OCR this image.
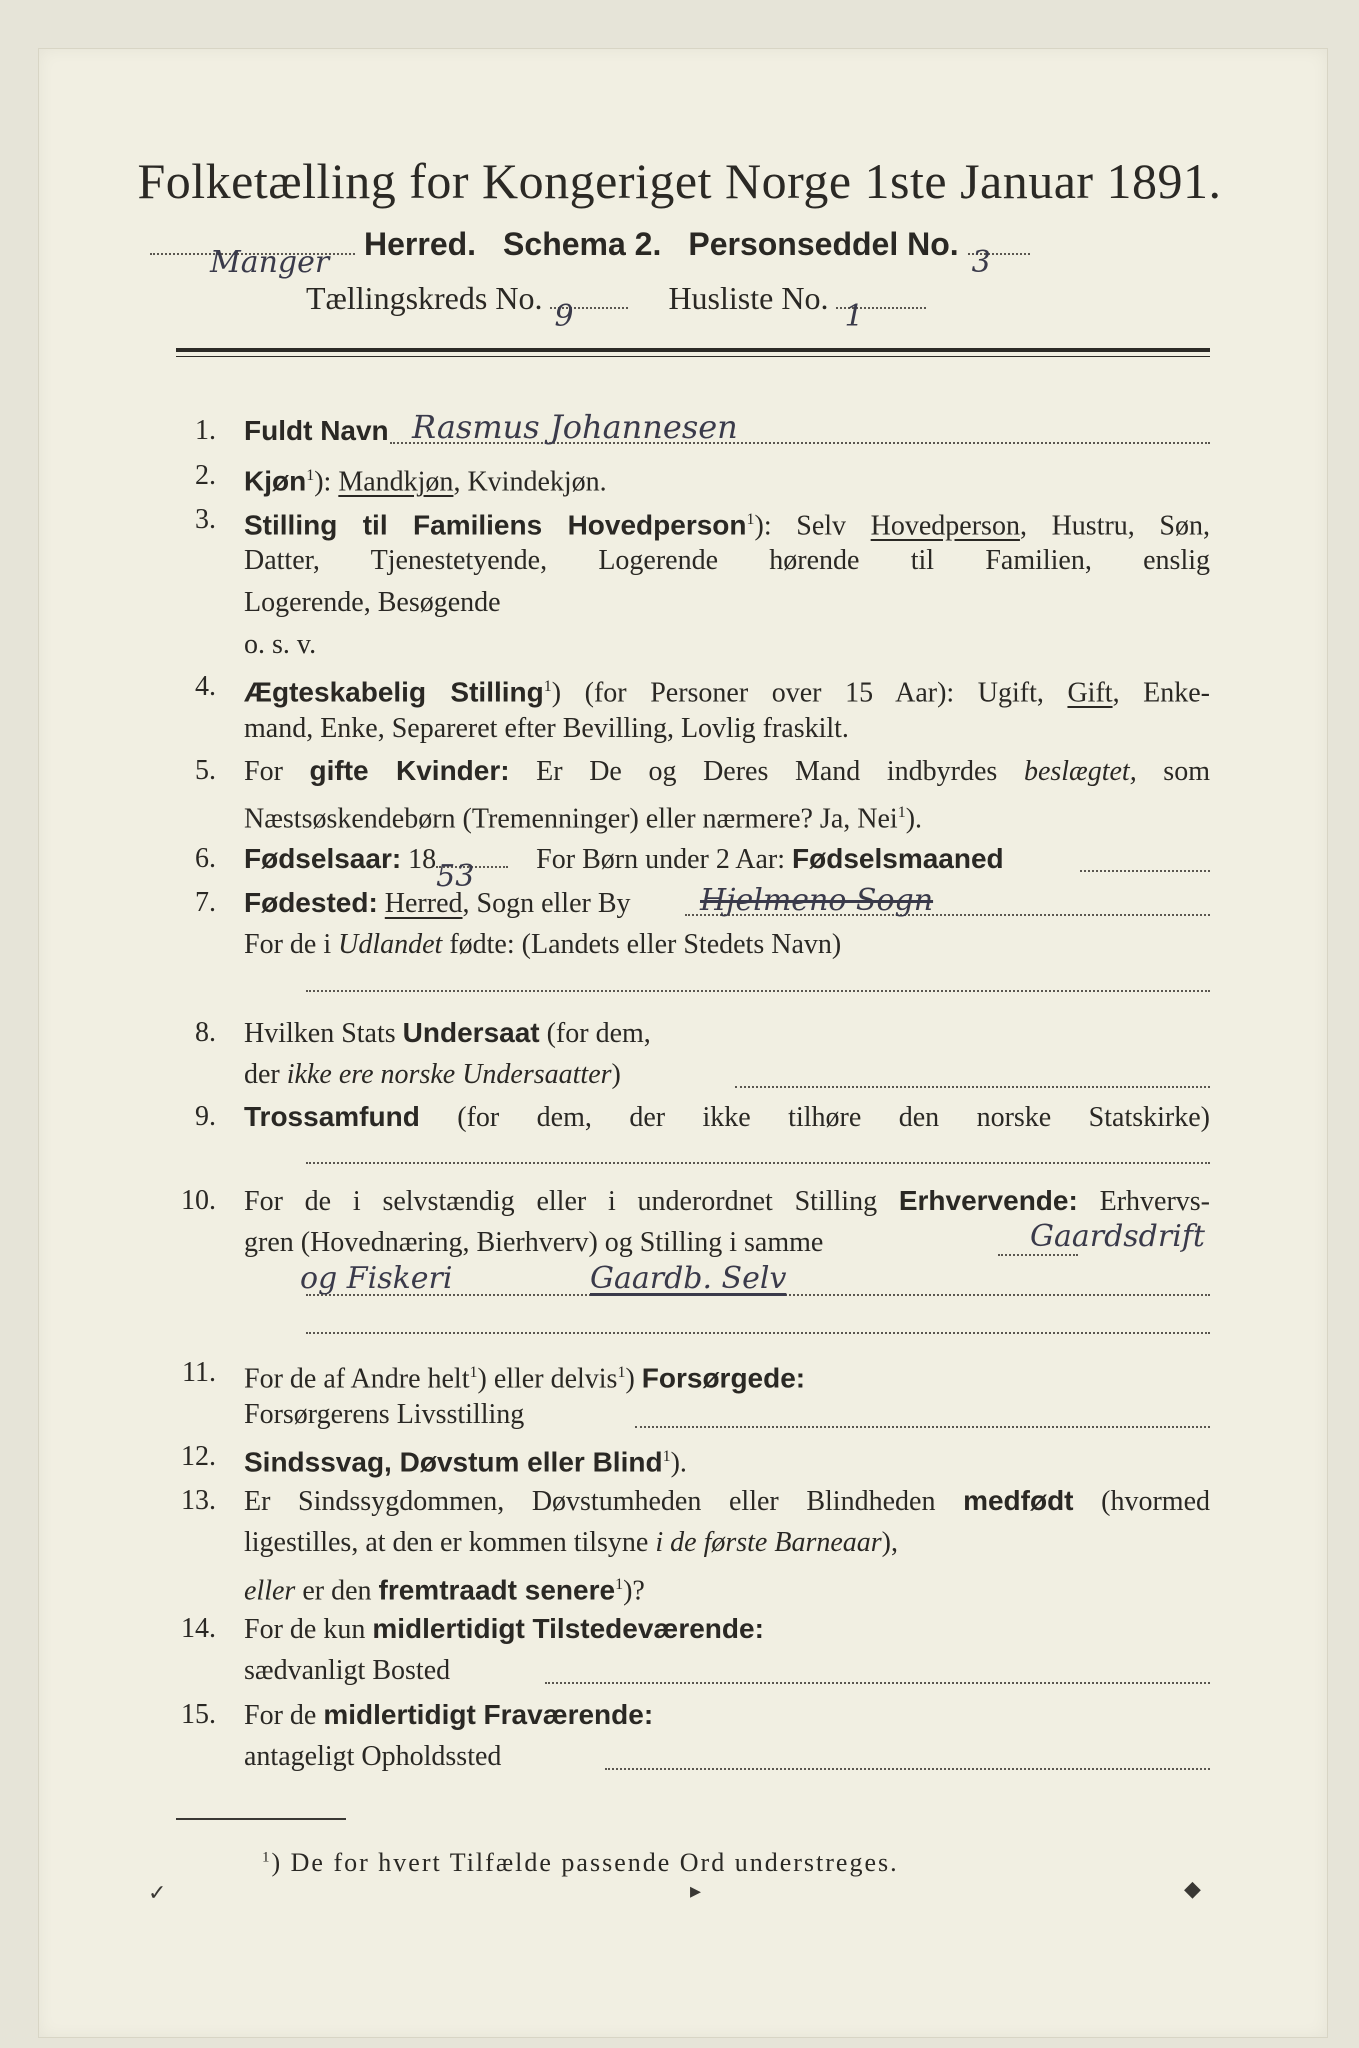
Folketælling for Kongeriget Norge 1ste Januar 1891.
Manger
Herred. Schema 2. Personseddel No.
3
Tællingskreds No.
9
Husliste No.
1
1. Fuldt Navn Rasmus Johannesen
2. Kjøn$^1$): Mandkjøn, Kvindekjøn.
3. Stilling til Familiens Hovedperson$^1$): Selv Hovedperson, Hustru, Søn,
Datter, Tjenestetyende, Logerende hørende til Familien, enslig
Logerende, Besøgende
o. s. v.
4. Ægteskabelig Stilling$^1$) (for Personer over 15 Aar): Ugift, Gift, Enke-
mand, Enke, Separeret efter Bevilling, Lovlig fraskilt.
5. For gifte Kvinder: Er De og Deres Mand indbyrdes beslægtet, som
Næstsøskendebørn (Tremenninger) eller nærmere? Ja, Nei$^1$).
6. Fødselsaar: 18 53 For Børn under 2 Aar: Fødselsmaaned
7. Fødested: Herred, Sogn eller By	Hjelmeno Sogn
For de i Udlandet fødte: (Landets eller Stedets Navn)
8. Hvilken Stats Undersaat (for dem,
der ikke ere norske Undersaatter)
9. Trossamfund (for dem, der ikke tilhøre den norske Statskirke)
10. For de i selvstændig eller i underordnet Stilling Erhvervende: Erhvervs-
gren (Hovednæring, Bierhverv) og Stilling i samme	Gaardsdrift
og Fiskeri	Gaardb. Selv
11. For de af Andre helt$^1$) eller delvis$^1$) Forsørgede:
Forsørgerens Livsstilling
12. Sindssvag, Døvstum eller Blind$^1$).
13. Er Sindssygdommen, Døvstumheden eller Blindheden medfødt (hvormed
ligestilles, at den er kommen tilsyne i de første Barneaar),
eller er den fremtraadt senere$^1$)?
14. For de kun midlertidigt Tilstedeværende:
sædvanligt Bosted
15. For de midlertidigt Fraværende:
antageligt Opholdssted
$^1$) De for hvert Tilfælde passende Ord understreges.
✓	▸	◆
